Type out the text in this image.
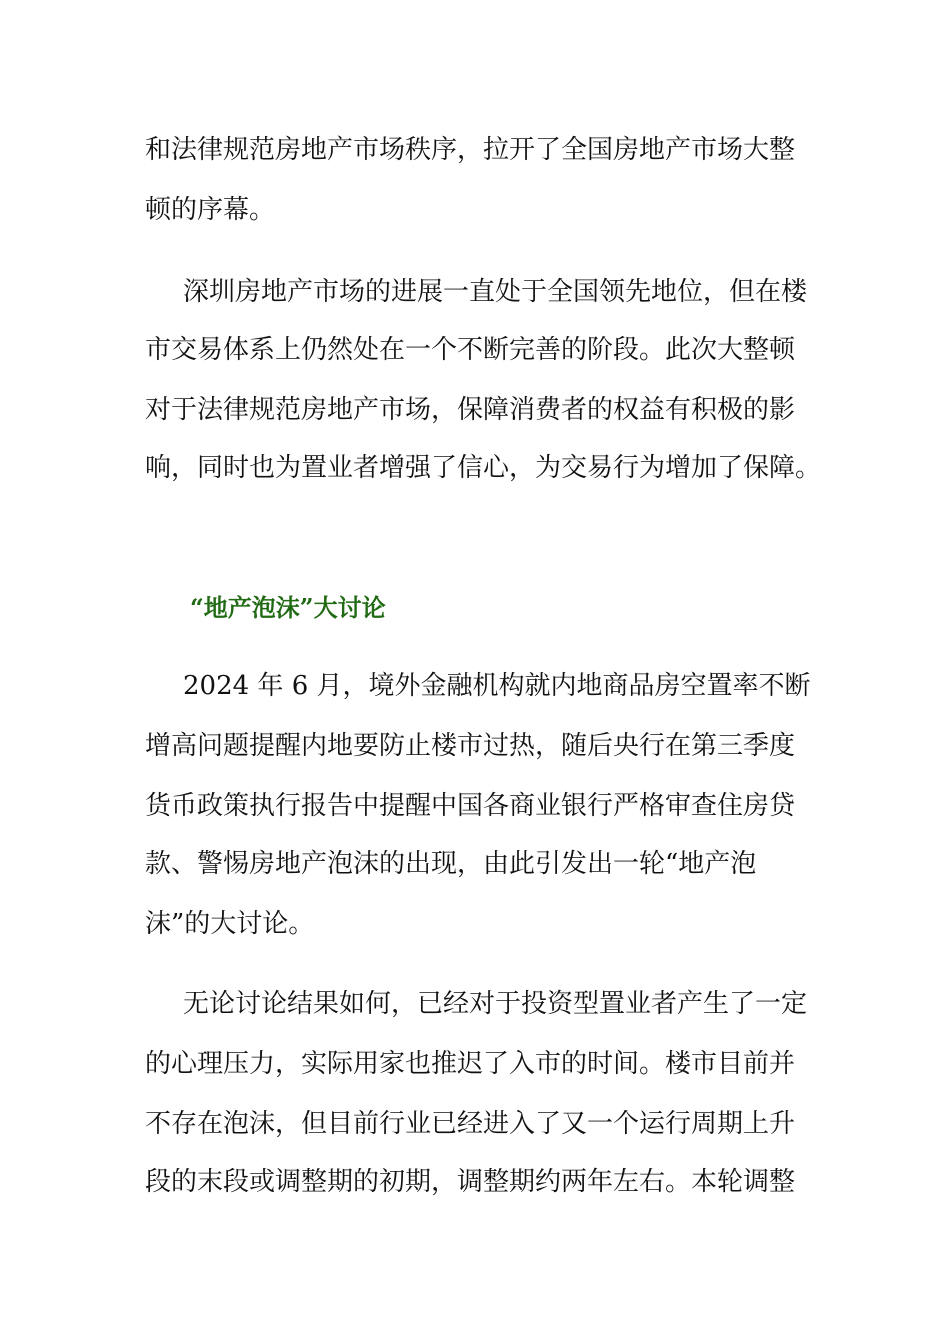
和法律规范房地产市场秩序，拉开了全国房地产市场大整
顿的序幕。
深圳房地产市场的进展一直处于全国领先地位，但在楼
市交易体系上仍然处在一个不断完善的阶段。此次大整顿
对于法律规范房地产市场，保障消费者的权益有积极的影
响，同时也为置业者增强了信心，为交易行为增加了保障。
“地产泡沫”大讨论
2024 年 6 月，境外金融机构就内地商品房空置率不断
增高问题提醒内地要防止楼市过热，随后央行在第三季度
货币政策执行报告中提醒中国各商业银行严格审查住房贷
款、警惕房地产泡沫的出现，由此引发出一轮“地产泡
沫”的大讨论。
无论讨论结果如何，已经对于投资型置业者产生了一定
的心理压力，实际用家也推迟了入市的时间。楼市目前并
不存在泡沫，但目前行业已经进入了又一个运行周期上升
段的末段或调整期的初期，调整期约两年左右。本轮调整
